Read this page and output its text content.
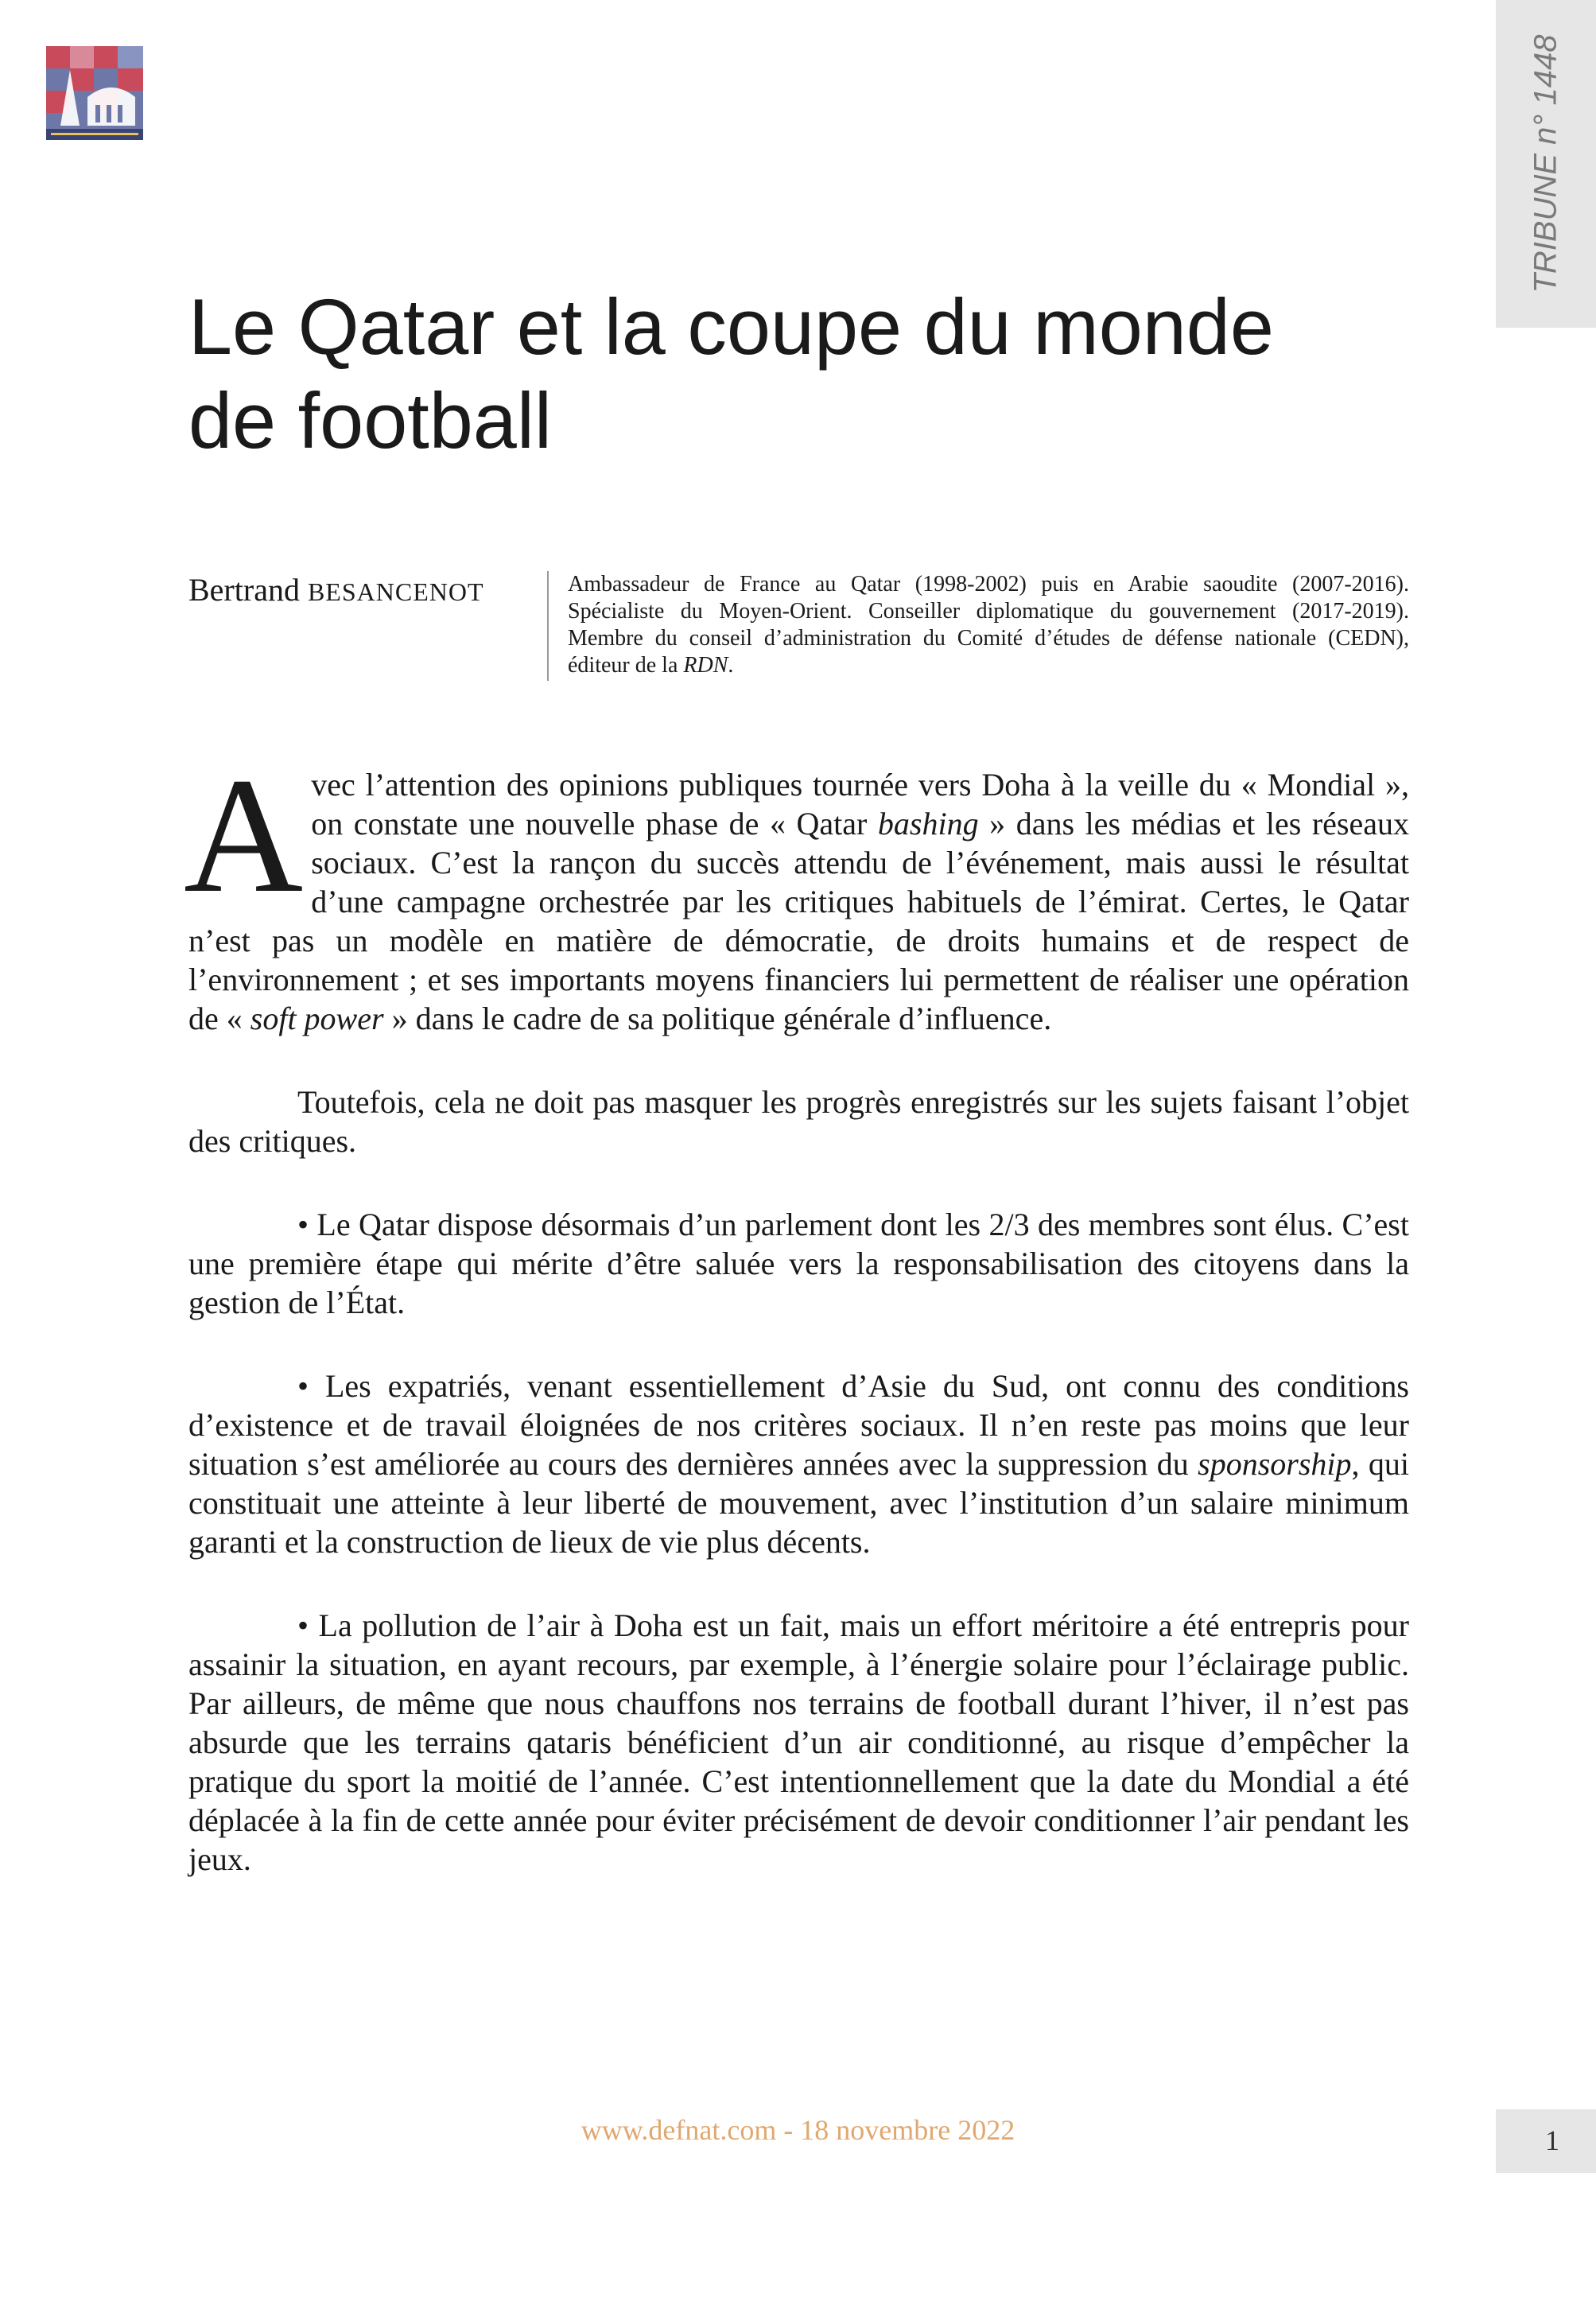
TRIBUNE n° 1448
Le Qatar et la coupe du monde de football
Bertrand BESANCENOT	Ambassadeur de France au Qatar (1998-2002) puis en Arabie saoudite (2007-2016). Spécialiste du Moyen-Orient. Conseiller diplomatique du gouvernement (2017-2019). Membre du conseil d’administration du Comité d’études de défense nationale (CEDN), éditeur de la RDN.

Avec l’attention des opinions publiques tournée vers Doha à la veille du « Mondial », on constate une nouvelle phase de « Qatar bashing » dans les médias et les réseaux sociaux. C’est la rançon du succès attendu de l’événement, mais aussi le résultat d’une campagne orchestrée par les critiques habituels de l’émirat. Certes, le Qatar n’est pas un modèle en matière de démocratie, de droits humains et de respect de l’environnement ; et ses importants moyens financiers lui permettent de réaliser une opération de « soft power » dans le cadre de sa politique générale d’influence.

Toutefois, cela ne doit pas masquer les progrès enregistrés sur les sujets faisant l’objet des critiques.

• Le Qatar dispose désormais d’un parlement dont les 2/3 des membres sont élus. C’est une première étape qui mérite d’être saluée vers la responsabilisation des citoyens dans la gestion de l’État.

• Les expatriés, venant essentiellement d’Asie du Sud, ont connu des conditions d’existence et de travail éloignées de nos critères sociaux. Il n’en reste pas moins que leur situation s’est améliorée au cours des dernières années avec la suppression du sponsorship, qui constituait une atteinte à leur liberté de mouvement, avec l’institution d’un salaire minimum garanti et la construction de lieux de vie plus décents.

• La pollution de l’air à Doha est un fait, mais un effort méritoire a été entrepris pour assainir la situation, en ayant recours, par exemple, à l’énergie solaire pour l’éclairage public. Par ailleurs, de même que nous chauffons nos terrains de football durant l’hiver, il n’est pas absurde que les terrains qataris bénéficient d’un air conditionné, au risque d’empêcher la pratique du sport la moitié de l’année. C’est intentionnellement que la date du Mondial a été déplacée à la fin de cette année pour éviter précisément de devoir conditionner l’air pendant les jeux.

www.defnat.com - 18 novembre 2022	1
